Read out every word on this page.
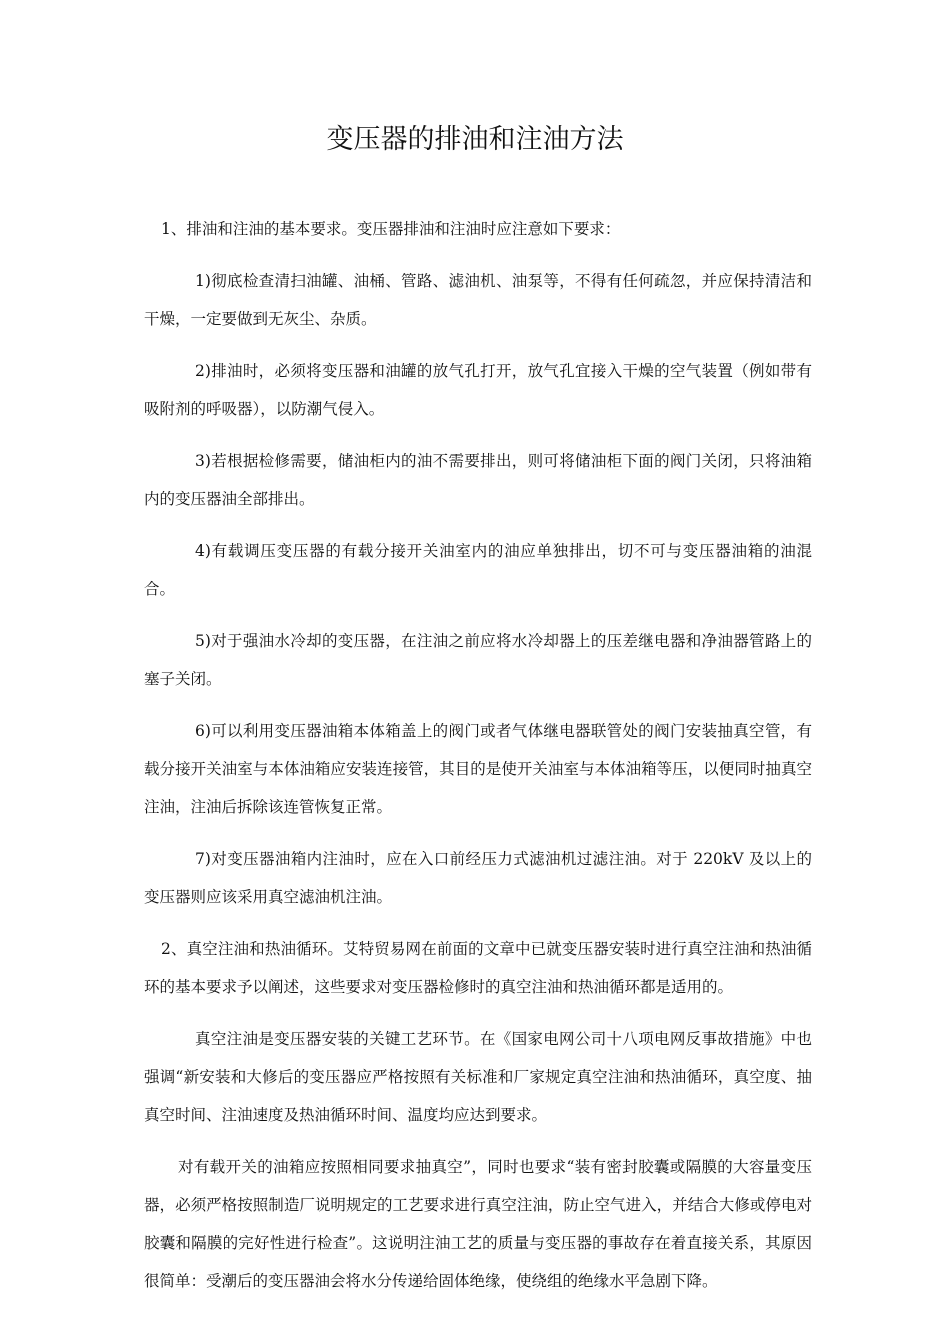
变压器的排油和注油方法

1、排油和注油的基本要求。变压器排油和注油时应注意如下要求：

1)彻底检查清扫油罐、油桶、管路、滤油机、油泵等，不得有任何疏忽，并应保持清洁和干燥，一定要做到无灰尘、杂质。

2)排油时，必须将变压器和油罐的放气孔打开，放气孔宜接入干燥的空气装置（例如带有吸附剂的呼吸器），以防潮气侵入。

3)若根据检修需要，储油柜内的油不需要排出，则可将储油柜下面的阀门关闭，只将油箱内的变压器油全部排出。

4)有载调压变压器的有载分接开关油室内的油应单独排出，切不可与变压器油箱的油混合。

5)对于强油水冷却的变压器，在注油之前应将水冷却器上的压差继电器和净油器管路上的塞子关闭。

6)可以利用变压器油箱本体箱盖上的阀门或者气体继电器联管处的阀门安装抽真空管，有载分接开关油室与本体油箱应安装连接管，其目的是使开关油室与本体油箱等压，以便同时抽真空注油，注油后拆除该连管恢复正常。

7)对变压器油箱内注油时，应在入口前经压力式滤油机过滤注油。对于 220kV 及以上的变压器则应该采用真空滤油机注油。

2、真空注油和热油循环。艾特贸易网在前面的文章中已就变压器安装时进行真空注油和热油循环的基本要求予以阐述，这些要求对变压器检修时的真空注油和热油循环都是适用的。

真空注油是变压器安装的关键工艺环节。在《国家电网公司十八项电网反事故措施》中也强调“新安装和大修后的变压器应严格按照有关标准和厂家规定真空注油和热油循环，真空度、抽真空时间、注油速度及热油循环时间、温度均应达到要求。

对有载开关的油箱应按照相同要求抽真空”，同时也要求“装有密封胶囊或隔膜的大容量变压器，必须严格按照制造厂说明规定的工艺要求进行真空注油，防止空气进入，并结合大修或停电对胶囊和隔膜的完好性进行检查”。这说明注油工艺的质量与变压器的事故存在着直接关系，其原因很简单：受潮后的变压器油会将水分传递给固体绝缘，使绕组的绝缘水平急剧下降。
